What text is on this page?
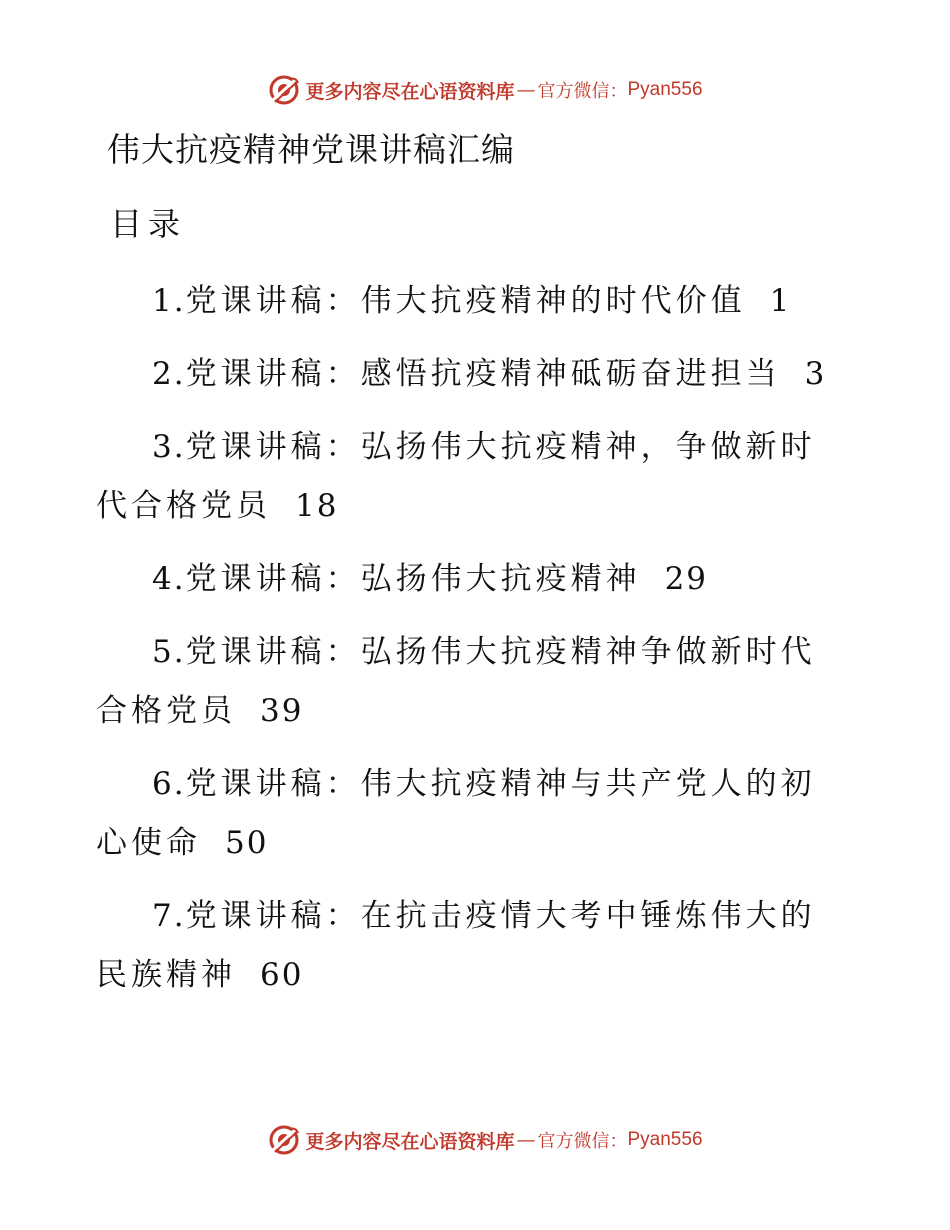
更多内容尽在心语资料库 — 官方微信： Pyan556
伟大抗疫精神党课讲稿汇编
目录
1.党课讲稿：伟大抗疫精神的时代价值 1
2.党课讲稿：感悟抗疫精神砥砺奋进担当 3
3.党课讲稿：弘扬伟大抗疫精神，争做新时代合格党员 18
4.党课讲稿：弘扬伟大抗疫精神 29
5.党课讲稿：弘扬伟大抗疫精神争做新时代合格党员 39
6.党课讲稿：伟大抗疫精神与共产党人的初心使命 50
7.党课讲稿：在抗击疫情大考中锤炼伟大的民族精神 60
更多内容尽在心语资料库 — 官方微信： Pyan556
